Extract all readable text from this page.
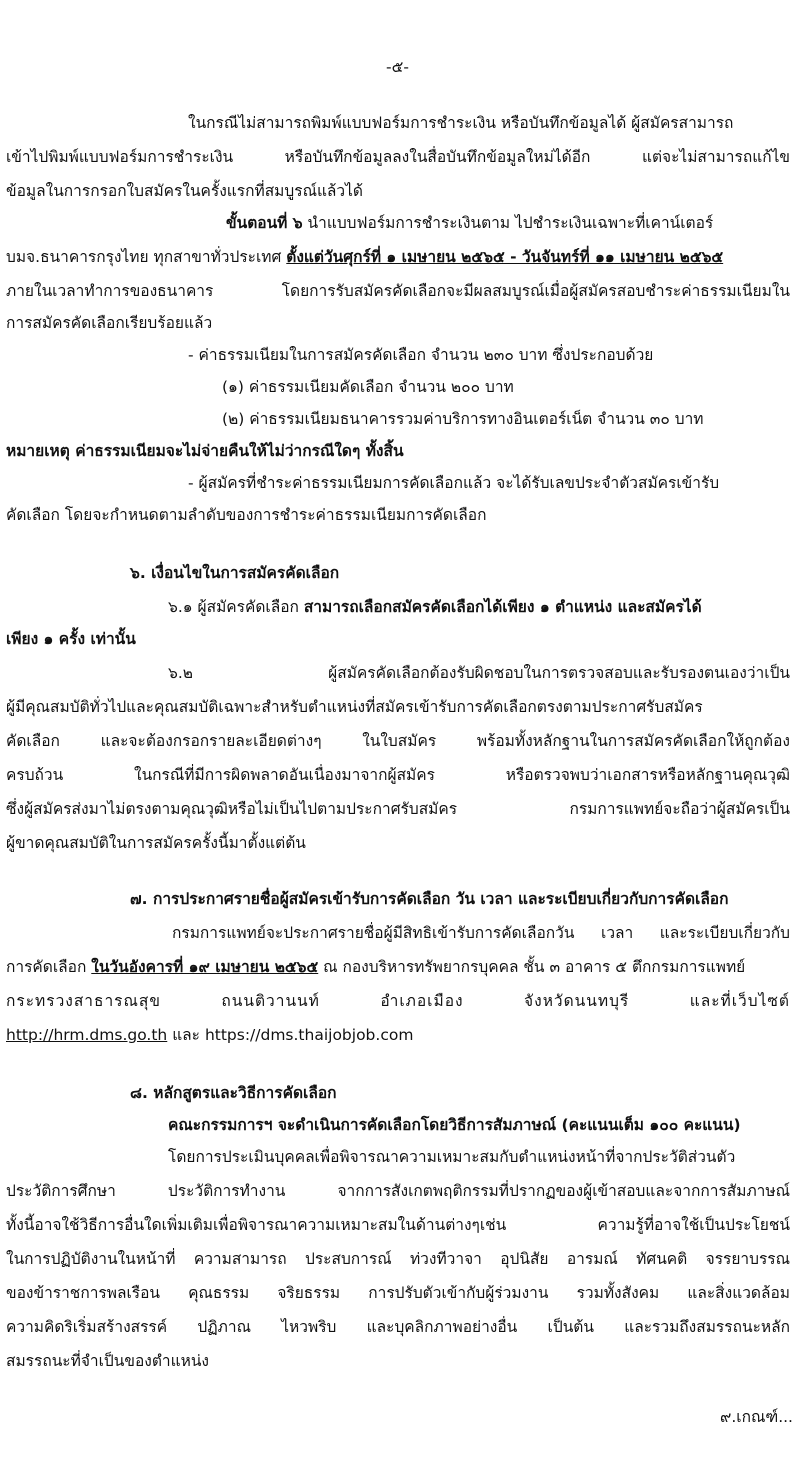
-๕-
ในกรณีไม่สามารถพิมพ์แบบฟอร์มการชำระเงิน หรือบันทึกข้อมูลได้ ผู้สมัครสามารถ
เข้าไปพิมพ์แบบฟอร์มการชำระเงิน หรือบันทึกข้อมูลลงในสื่อบันทึกข้อมูลใหม่ได้อีก แต่จะไม่สามารถแก้ไข
ข้อมูลในการกรอกใบสมัครในครั้งแรกที่สมบูรณ์แล้วได้
ขั้นตอนที่ ๖ นำแบบฟอร์มการชำระเงินตาม ไปชำระเงินเฉพาะที่เคาน์เตอร์
บมจ.ธนาคารกรุงไทย ทุกสาขาทั่วประเทศ ตั้งแต่วันศุกร์ที่ ๑ เมษายน ๒๕๖๕ - วันจันทร์ที่ ๑๑ เมษายน ๒๕๖๕
ภายในเวลาทำการของธนาคาร โดยการรับสมัครคัดเลือกจะมีผลสมบูรณ์เมื่อผู้สมัครสอบชำระค่าธรรมเนียมใน
การสมัครคัดเลือกเรียบร้อยแล้ว
- ค่าธรรมเนียมในการสมัครคัดเลือก จำนวน ๒๓๐ บาท ซึ่งประกอบด้วย
(๑) ค่าธรรมเนียมคัดเลือก จำนวน ๒๐๐ บาท
(๒) ค่าธรรมเนียมธนาคารรวมค่าบริการทางอินเตอร์เน็ต จำนวน ๓๐ บาท
หมายเหตุ ค่าธรรมเนียมจะไม่จ่ายคืนให้ไม่ว่ากรณีใดๆ ทั้งสิ้น
- ผู้สมัครที่ชำระค่าธรรมเนียมการคัดเลือกแล้ว จะได้รับเลขประจำตัวสมัครเข้ารับ
คัดเลือก โดยจะกำหนดตามลำดับของการชำระค่าธรรมเนียมการคัดเลือก
๖. เงื่อนไขในการสมัครคัดเลือก
๖.๑ ผู้สมัครคัดเลือก สามารถเลือกสมัครคัดเลือกได้เพียง ๑ ตำแหน่ง และสมัครได้
เพียง ๑ ครั้ง เท่านั้น
๖.๒ ผู้สมัครคัดเลือกต้องรับผิดชอบในการตรวจสอบและรับรองตนเองว่าเป็น
ผู้มีคุณสมบัติทั่วไปและคุณสมบัติเฉพาะสำหรับตำแหน่งที่สมัครเข้ารับการคัดเลือกตรงตามประกาศรับสมัคร
คัดเลือก และจะต้องกรอกรายละเอียดต่างๆ ในใบสมัคร พร้อมทั้งหลักฐานในการสมัครคัดเลือกให้ถูกต้อง
ครบถ้วน ในกรณีที่มีการผิดพลาดอันเนื่องมาจากผู้สมัคร หรือตรวจพบว่าเอกสารหรือหลักฐานคุณวุฒิ
ซึ่งผู้สมัครส่งมาไม่ตรงตามคุณวุฒิหรือไม่เป็นไปตามประกาศรับสมัคร กรมการแพทย์จะถือว่าผู้สมัครเป็น
ผู้ขาดคุณสมบัติในการสมัครครั้งนี้มาตั้งแต่ต้น
๗. การประกาศรายชื่อผู้สมัครเข้ารับการคัดเลือก วัน เวลา และระเบียบเกี่ยวกับการคัดเลือก
กรมการแพทย์จะประกาศรายชื่อผู้มีสิทธิเข้ารับการคัดเลือกวัน เวลา และระเบียบเกี่ยวกับ
การคัดเลือก ในวันอังคารที่ ๑๙ เมษายน ๒๕๖๕ ณ กองบริหารทรัพยากรบุคคล ชั้น ๓ อาคาร ๕ ตึกกรมการแพทย์
กระทรวงสาธารณสุข ถนนติวานนท์ อำเภอเมือง จังหวัดนนทบุรี และที่เว็บไซต์
http://hrm.dms.go.th และ https://dms.thaijobjob.com
๘. หลักสูตรและวิธีการคัดเลือก
คณะกรรมการฯ จะดำเนินการคัดเลือกโดยวิธีการสัมภาษณ์ (คะแนนเต็ม ๑๐๐ คะแนน)
โดยการประเมินบุคคลเพื่อพิจารณาความเหมาะสมกับตำแหน่งหน้าที่จากประวัติส่วนตัว
ประวัติการศึกษา ประวัติการทำงาน จากการสังเกตพฤติกรรมที่ปรากฏของผู้เข้าสอบและจากการสัมภาษณ์
ทั้งนี้อาจใช้วิธีการอื่นใดเพิ่มเติมเพื่อพิจารณาความเหมาะสมในด้านต่างๆเช่น ความรู้ที่อาจใช้เป็นประโยชน์
ในการปฏิบัติงานในหน้าที่ ความสามารถ ประสบการณ์ ท่วงทีวาจา อุปนิสัย อารมณ์ ทัศนคติ จรรยาบรรณ
ของข้าราชการพลเรือน คุณธรรม จริยธรรม การปรับตัวเข้ากับผู้ร่วมงาน รวมทั้งสังคม และสิ่งแวดล้อม
ความคิดริเริ่มสร้างสรรค์ ปฏิภาณ ไหวพริบ และบุคลิกภาพอย่างอื่น เป็นต้น และรวมถึงสมรรถนะหลัก
สมรรถนะที่จำเป็นของตำแหน่ง
๙.เกณฑ์...
